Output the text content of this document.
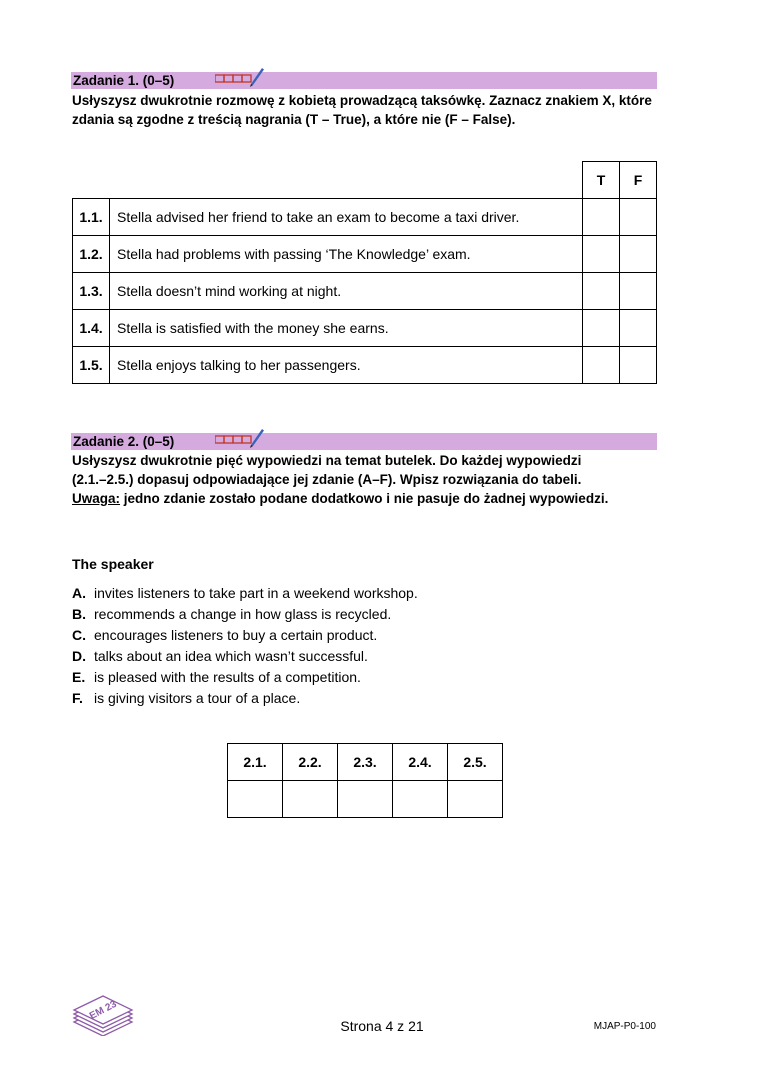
Zadanie 1. (0–5)
Usłyszysz dwukrotnie rozmowę z kobietą prowadzącą taksówkę. Zaznacz znakiem X, które zdania są zgodne z treścią nagrania (T – True), a które nie (F – False).
		T	F
1.1.	Stella advised her friend to take an exam to become a taxi driver.		
1.2.	Stella had problems with passing ‘The Knowledge’ exam.		
1.3.	Stella doesn’t mind working at night.		
1.4.	Stella is satisfied with the money she earns.		
1.5.	Stella enjoys talking to her passengers.		
Zadanie 2. (0–5)
Usłyszysz dwukrotnie pięć wypowiedzi na temat butelek. Do każdej wypowiedzi
(2.1.–2.5.) dopasuj odpowiadające jej zdanie (A–F). Wpisz rozwiązania do tabeli.
Uwaga: jedno zdanie zostało podane dodatkowo i nie pasuje do żadnej wypowiedzi.
The speaker
A. invites listeners to take part in a weekend workshop.
B. recommends a change in how glass is recycled.
C. encourages listeners to buy a certain product.
D. talks about an idea which wasn’t successful.
E. is pleased with the results of a competition.
F. is giving visitors a tour of a place.
2.1.	2.2.	2.3.	2.4.	2.5.

EM 23
Strona 4 z 21	MJAP-P0-100
